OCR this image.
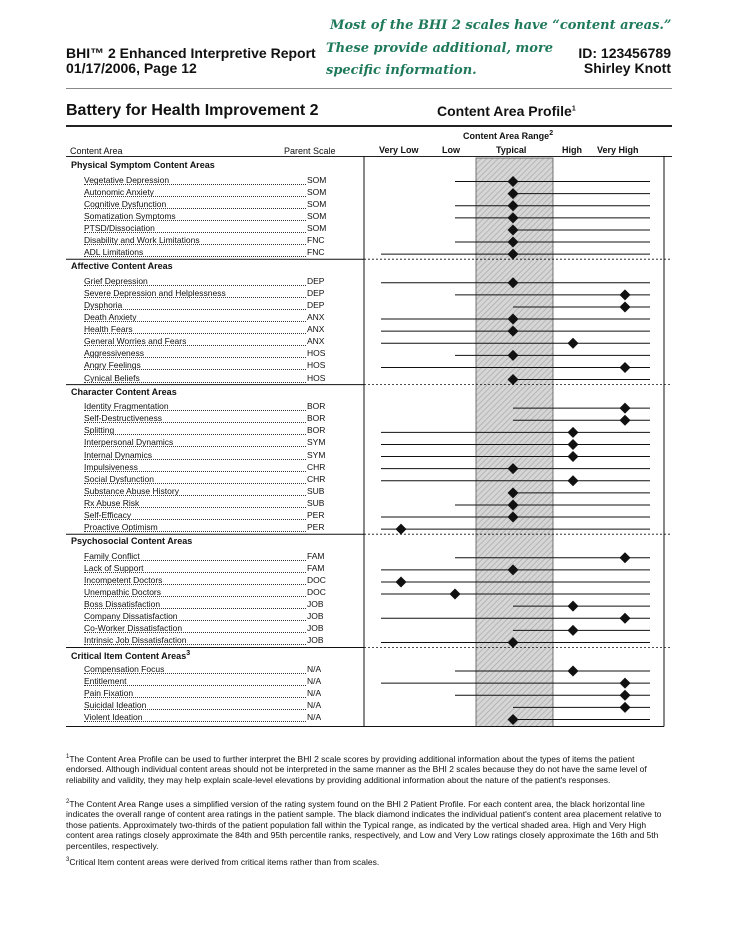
BHI™ 2 Enhanced Interpretive Report
01/17/2006, Page 12
ID: 123456789
Shirley Knott
Most of the BHI 2 scales have “content areas.”
These provide additional, more
specific information.
Battery for Health Improvement 2	Content Area Profile$^1$
Content Area Range$^2$
Content Area	Parent Scale	Very Low	Low	Typical	High Very High
Physical Symptom Content Areas
Vegetative Depression	SOM
Autonomic Anxiety	SOM
Cognitive Dysfunction	SOM
Somatization Symptoms	SOM
PTSD/Dissociation	SOM
Disability and Work Limitations	FNC
ADL Limitations	FNC
Affective Content Areas
Grief Depression	DEP
Severe Depression and Helplessness	DEP
Dysphoria	DEP
Death Anxiety	ANX
Health Fears	ANX
General Worries and Fears	ANX
Aggressiveness	HOS
Angry Feelings	HOS
Cynical Beliefs	HOS
Character Content Areas
Identity Fragmentation	BOR
Self-Destructiveness	BOR
Splitting	BOR
Interpersonal Dynamics	SYM
Internal Dynamics	SYM
Impulsiveness	CHR
Social Dysfunction	CHR
Substance Abuse History	SUB
Rx Abuse Risk	SUB
Self-Efficacy	PER
Proactive Optimism	PER
Psychosocial Content Areas
Family Conflict	FAM
Lack of Support	FAM
Incompetent Doctors	DOC
Unempathic Doctors	DOC
Boss Dissatisfaction	JOB
Company Dissatisfaction	JOB
Co-Worker Dissatisfaction	JOB
Intrinsic Job Dissatisfaction	JOB
Critical Item Content Areas$^3$
Compensation Focus	N/A
Entitlement	N/A
Pain Fixation	N/A
Suicidal Ideation	N/A
Violent Ideation	N/A
$^1$The Content Area Profile can be used to further interpret the BHI 2 scale scores by providing additional information about the types of items the patient endorsed. Although individual content areas should not be interpreted in the same manner as the BHI 2 scales because they do not have the same level of reliability and validity, they may help explain scale-level elevations by providing additional information about the nature of the patient's responses.
$^2$The Content Area Range uses a simplified version of the rating system found on the BHI 2 Patient Profile. For each content area, the black horizontal line indicates the overall range of content area ratings in the patient sample. The black diamond indicates the individual patient's content area placement relative to those patients. Approximately two-thirds of the patient population fall within the Typical range, as indicated by the vertical shaded area. High and Very High content area ratings closely approximate the 84th and 95th percentile ranks, respectively, and Low and Very Low ratings closely approximate the 16th and 5th percentiles, respectively.
$^3$Critical Item content areas were derived from critical items rather than from scales.
